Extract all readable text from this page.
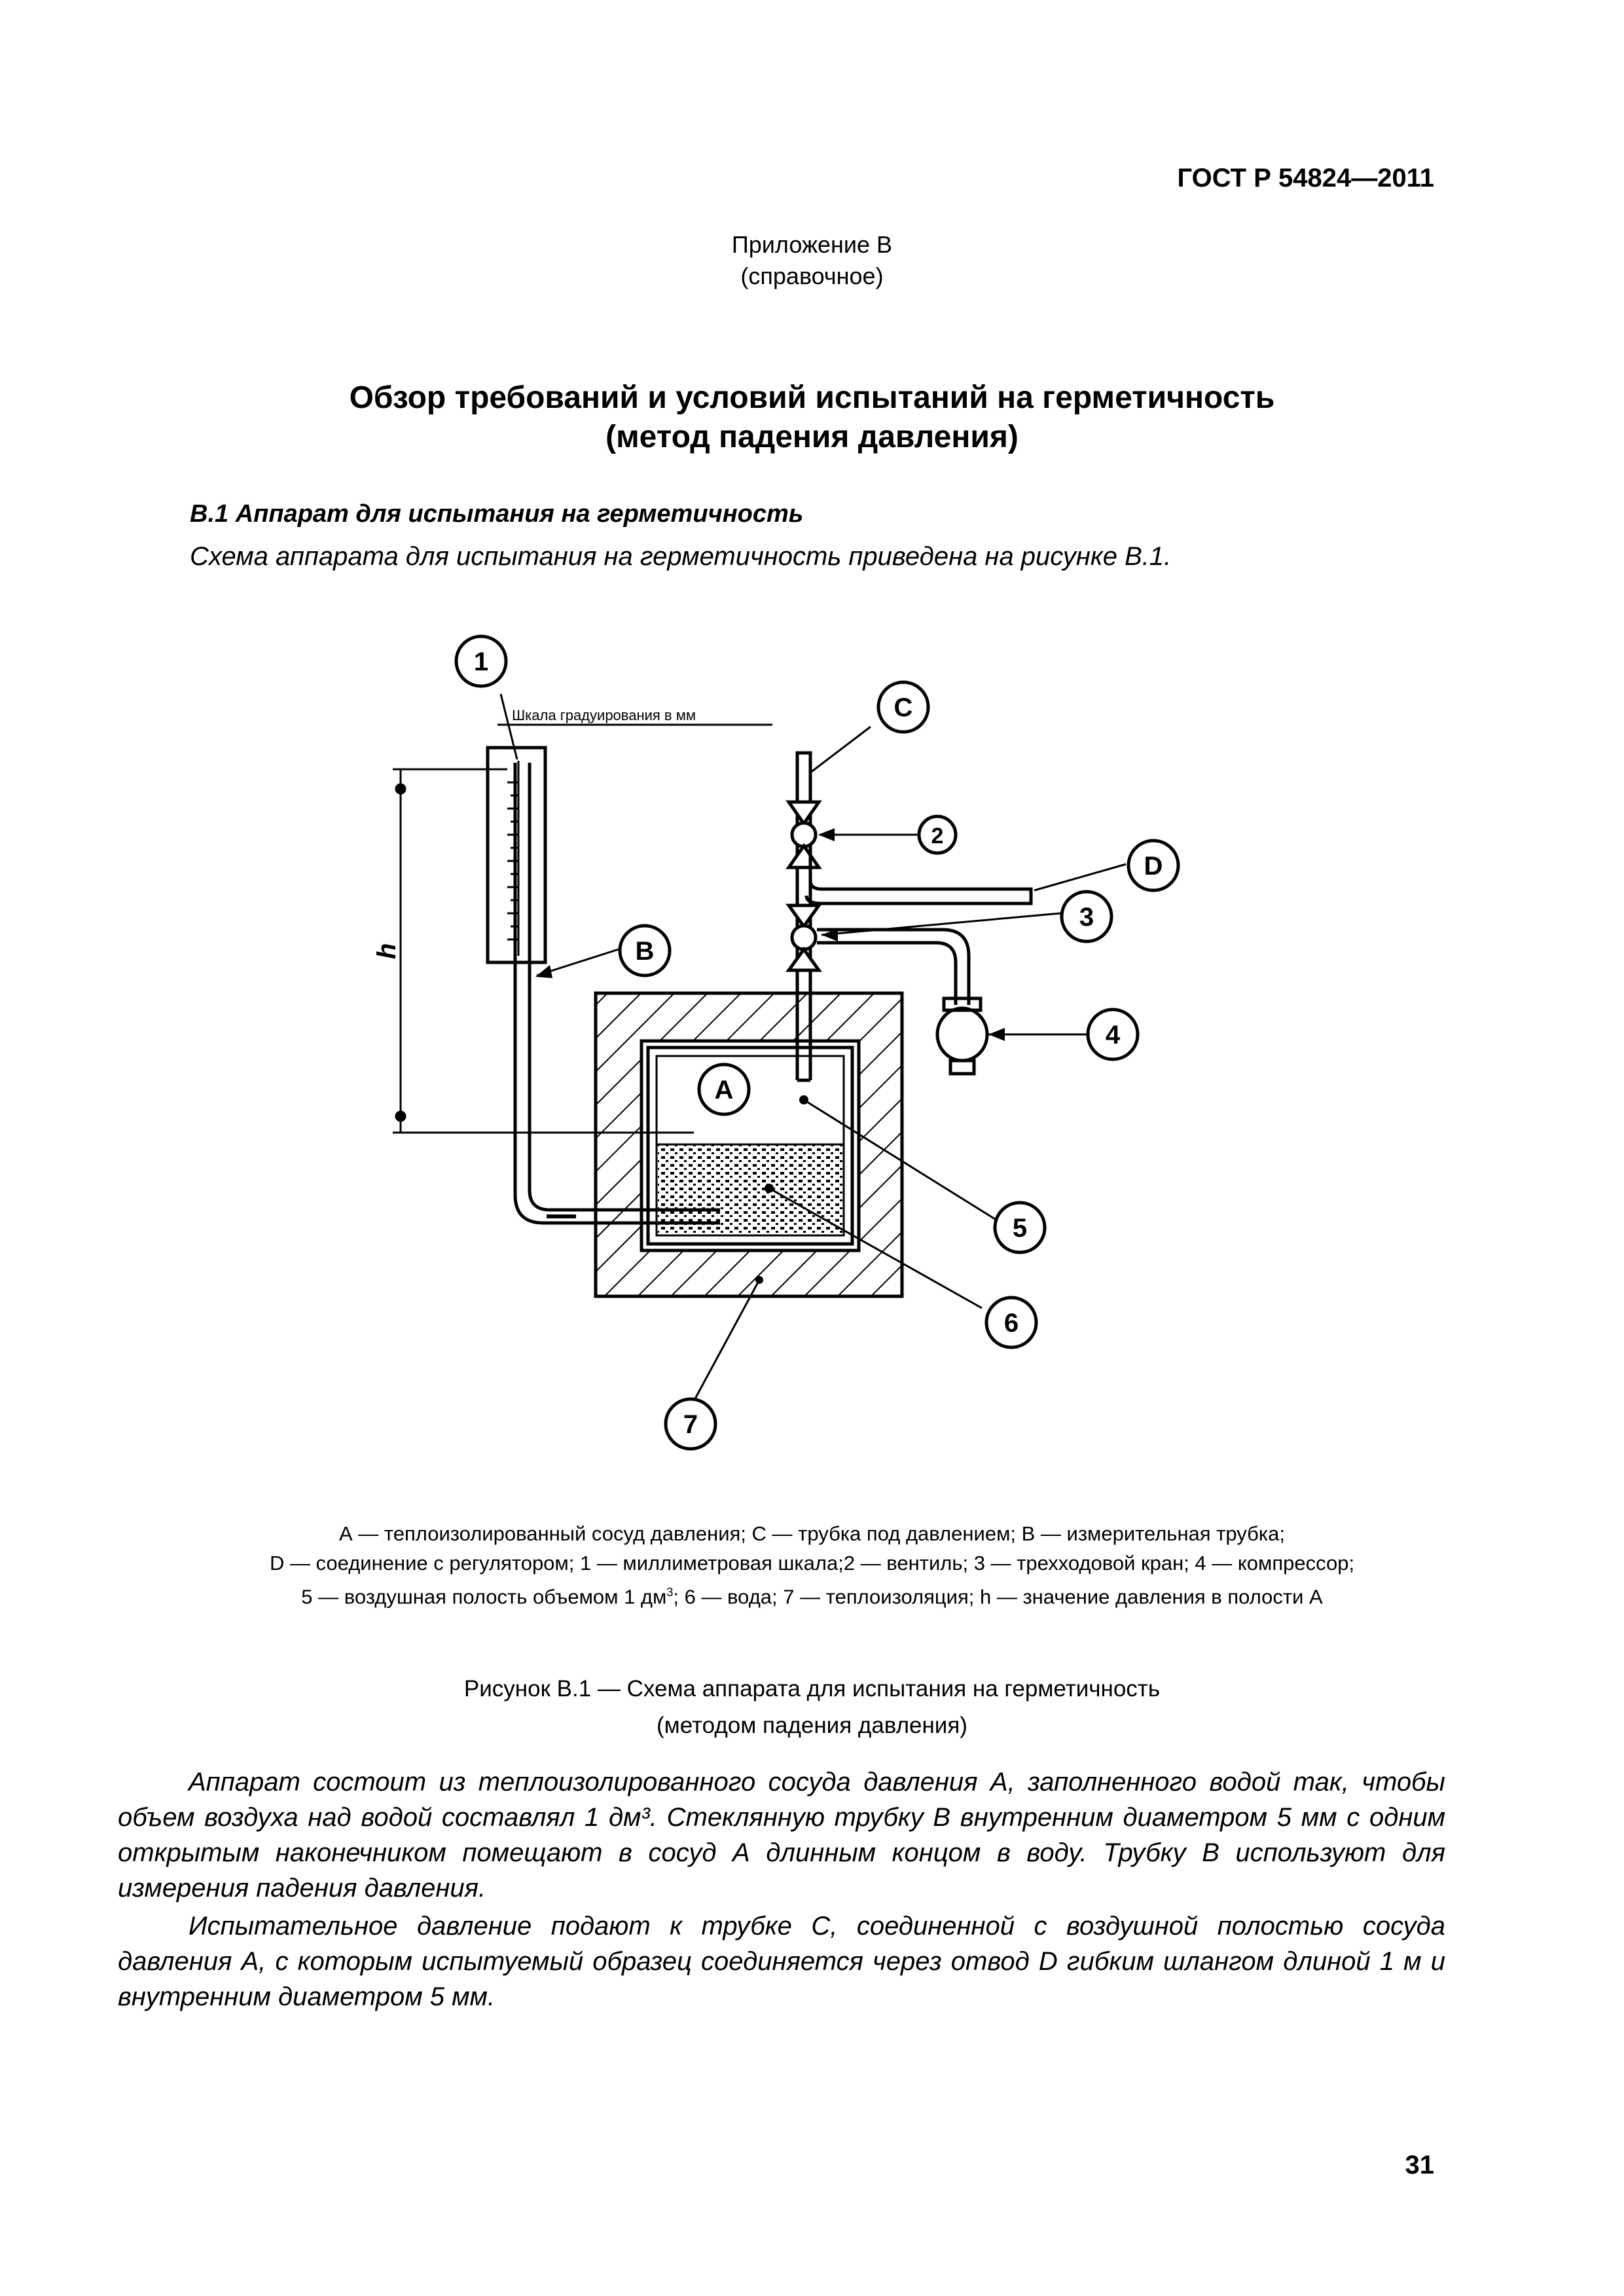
ГОСТ Р 54824—2011
Приложение В
(справочное)
Обзор требований и условий испытаний на герметичность
(метод падения давления)
В.1 Аппарат для испытания на герметичность
Схема аппарата для испытания на герметичность приведена на рисунке В.1.
1
C
2
D
3
4
B
A
5
6
7
Шкала градуирования в мм
h
А — теплоизолированный сосуд давления; С — трубка под давлением; В — измерительная трубка;
D — соединение с регулятором; 1 — миллиметровая шкала;2 — вентиль; 3 — трехходовой кран; 4 — компрессор;
5 — воздушная полость объемом 1 $дм^3$; 6 — вода; 7 — теплоизоляция; h — значение давления в полости А
Рисунок В.1 — Схема аппарата для испытания на герметичность
(методом падения давления)

Аппарат состоит из теплоизолированного сосуда давления А, заполненного водой так, чтобы объем воздуха над водой составлял 1 дм³. Стеклянную трубку В внутренним диаметром 5 мм с одним открытым наконечником помещают в сосуд А длинным концом в воду. Трубку В используют для измерения падения давления.

Испытательное давление подают к трубке С, соединенной с воздушной полостью сосуда давления А, с которым испытуемый образец соединяется через отвод D гибким шлангом длиной 1 м и внутренним диаметром 5 мм.

31
